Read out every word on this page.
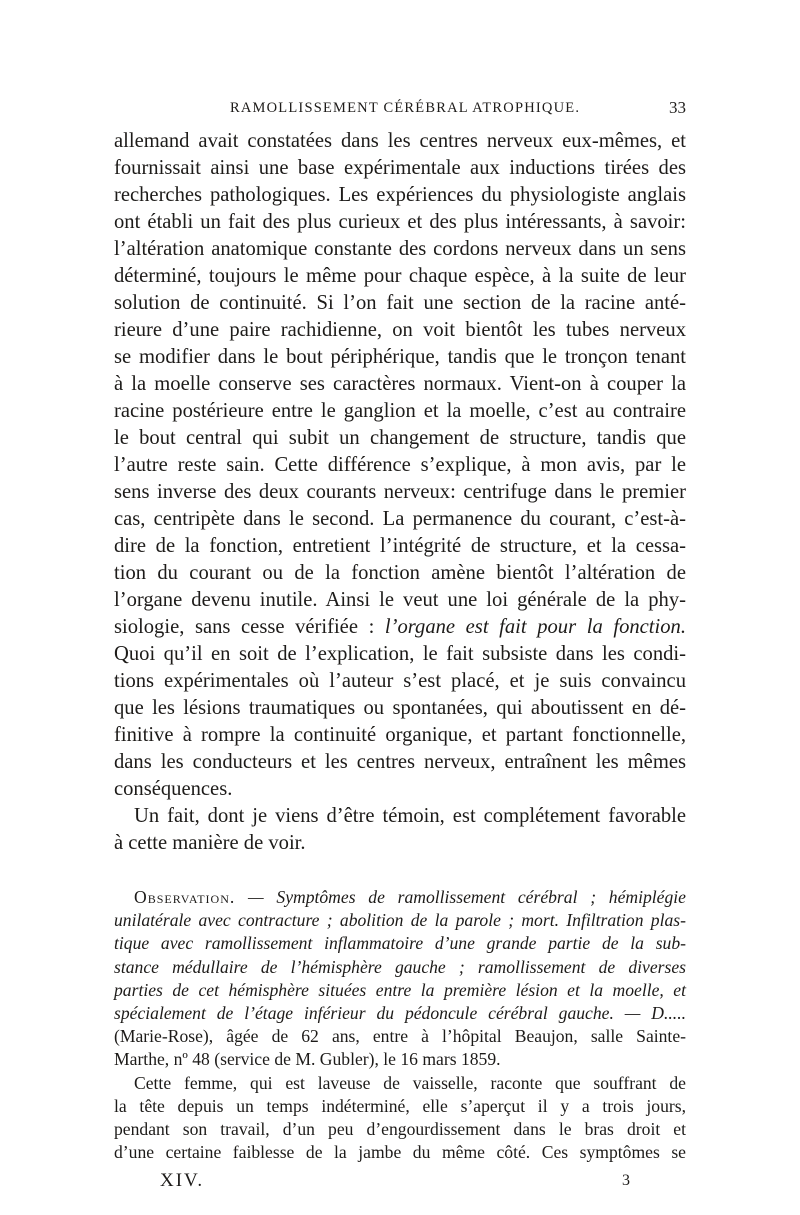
RAMOLLISSEMENT CÉRÉBRAL ATROPHIQUE.	33
allemand avait constatées dans les centres nerveux eux-mêmes, et
fournissait ainsi une base expérimentale aux inductions tirées des
recherches pathologiques. Les expériences du physiologiste anglais
ont établi un fait des plus curieux et des plus intéressants, à savoir:
l’altération anatomique constante des cordons nerveux dans un sens
déterminé, toujours le même pour chaque espèce, à la suite de leur
solution de continuité. Si l’on fait une section de la racine anté-
rieure d’une paire rachidienne, on voit bientôt les tubes nerveux
se modifier dans le bout périphérique, tandis que le tronçon tenant
à la moelle conserve ses caractères normaux. Vient-on à couper la
racine postérieure entre le ganglion et la moelle, c’est au contraire
le bout central qui subit un changement de structure, tandis que
l’autre reste sain. Cette différence s’explique, à mon avis, par le
sens inverse des deux courants nerveux: centrifuge dans le premier
cas, centripète dans le second. La permanence du courant, c’est-à-
dire de la fonction, entretient l’intégrité de structure, et la cessa-
tion du courant ou de la fonction amène bientôt l’altération de
l’organe devenu inutile. Ainsi le veut une loi générale de la phy-
siologie, sans cesse vérifiée : l’organe est fait pour la fonction.
Quoi qu’il en soit de l’explication, le fait subsiste dans les condi-
tions expérimentales où l’auteur s’est placé, et je suis convaincu
que les lésions traumatiques ou spontanées, qui aboutissent en dé-
finitive à rompre la continuité organique, et partant fonctionnelle,
dans les conducteurs et les centres nerveux, entraînent les mêmes
conséquences.
Un fait, dont je viens d’être témoin, est complétement favorable
à cette manière de voir.
Observation. — Symptômes de ramollissement cérébral ; hémiplégie
unilatérale avec contracture ; abolition de la parole ; mort. Infiltration plas-
tique avec ramollissement inflammatoire d’une grande partie de la sub-
stance médullaire de l’hémisphère gauche ; ramollissement de diverses
parties de cet hémisphère situées entre la première lésion et la moelle, et
spécialement de l’étage inférieur du pédoncule cérébral gauche. — D.....
(Marie-Rose), âgée de 62 ans, entre à l’hôpital Beaujon, salle Sainte-
Marthe, nº 48 (service de M. Gubler), le 16 mars 1859.
Cette femme, qui est laveuse de vaisselle, raconte que souffrant de
la tête depuis un temps indéterminé, elle s’aperçut il y a trois jours,
pendant son travail, d’un peu d’engourdissement dans le bras droit et
d’une certaine faiblesse de la jambe du même côté. Ces symptômes se
XIV.	3
